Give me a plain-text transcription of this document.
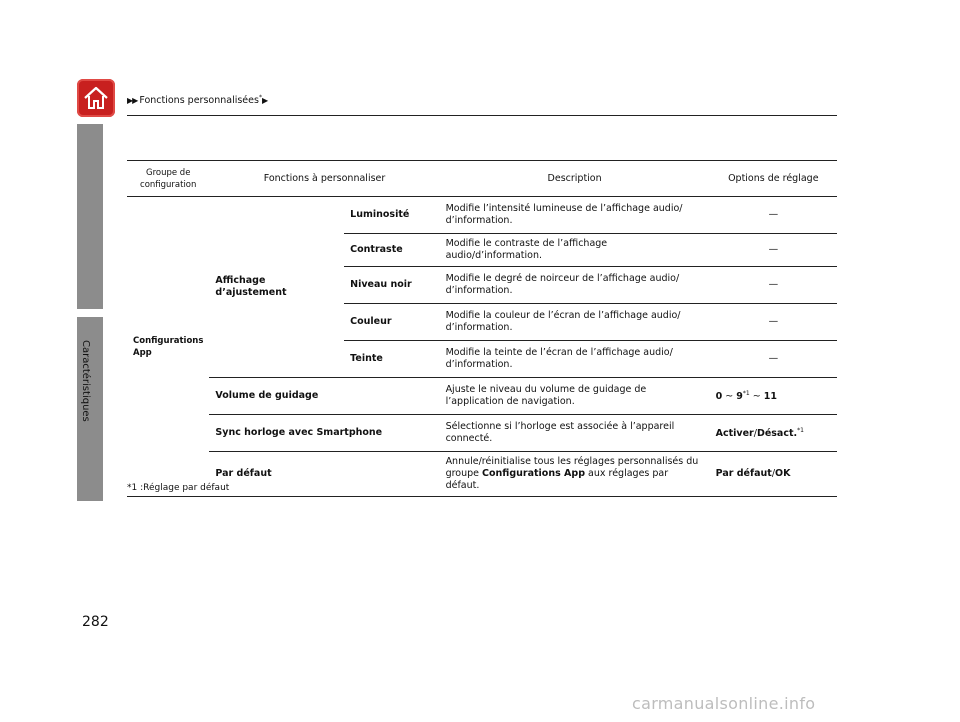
▶▶ Fonctions personnalisées*▶
Caractéristiques
Groupe de configuration	Fonctions à personnaliser		Description	Options de réglage
Configurations App	Affichage d’ajustement	Luminosité	Modifie l’intensité lumineuse de l’affichage audio/ d’information.	—
		Contraste	Modifie le contraste de l’affichage audio/d’information.	—
		Niveau noir	Modifie le degré de noirceur de l’affichage audio/ d’information.	—
		Couleur	Modifie la couleur de l’écran de l’affichage audio/ d’information.	—
		Teinte	Modifie la teinte de l’écran de l’affichage audio/ d’information.	—
	Volume de guidage		Ajuste le niveau du volume de guidage de l’application de navigation.	0 ~ 9$^{*1}$ ~ 11
	Sync horloge avec Smartphone		Sélectionne si l’horloge est associée à l’appareil connecté.	Activer/Désact.$^{*1}$
	Par défaut		Annule/réinitialise tous les réglages personnalisés du groupe Configurations App aux réglages par défaut.	Par défaut/OK
*1 :Réglage par défaut
282
carmanualsonline.info
